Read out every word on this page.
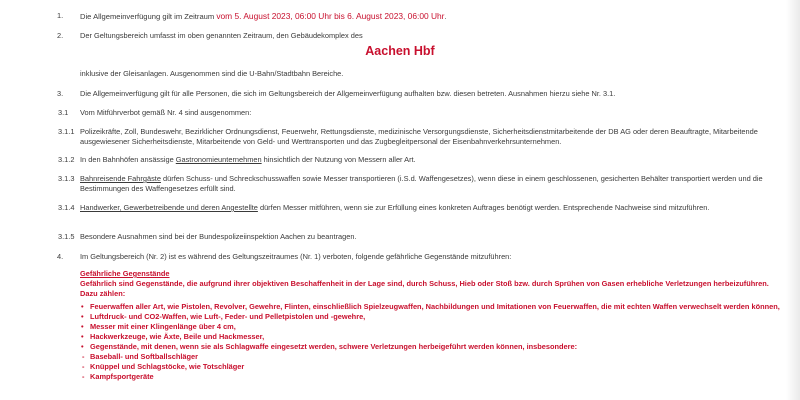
1. Die Allgemeinverfügung gilt im Zeitraum vom 5. August 2023, 06:00 Uhr bis 6. August 2023, 06:00 Uhr.
2. Der Geltungsbereich umfasst im oben genannten Zeitraum, den Gebäudekomplex des
Aachen Hbf
inklusive der Gleisanlagen. Ausgenommen sind die U-Bahn/Stadtbahn Bereiche.
3. Die Allgemeinverfügung gilt für alle Personen, die sich im Geltungsbereich der Allgemeinverfügung aufhalten bzw. diesen betreten. Ausnahmen hierzu siehe Nr. 3.1.
3.1 Vom Mitführverbot gemäß Nr. 4 sind ausgenommen:
3.1.1 Polizeikräfte, Zoll, Bundeswehr, Bezirklicher Ordnungsdienst, Feuerwehr, Rettungsdienste, medizinische Versorgungsdienste, Sicherheitsdienstmitarbeitende der DB AG oder deren Beauftragte, Mitarbeitende ausgewiesener Sicherheitsdienste, Mitarbeitende von Geld- und Werttransporten und das Zugbegleitpersonal der Eisenbahnverkehrsunternehmen.
3.1.2 In den Bahnhöfen ansässige Gastronomieunternehmen hinsichtlich der Nutzung von Messern aller Art.
3.1.3 Bahnreisende Fahrgäste dürfen Schuss- und Schreckschusswaffen sowie Messer transportieren (i.S.d. Waffengesetzes), wenn diese in einem geschlossenen, gesicherten Behälter transportiert werden und die Bestimmungen des Waffengesetzes erfüllt sind.
3.1.4 Handwerker, Gewerbetreibende und deren Angestellte dürfen Messer mitführen, wenn sie zur Erfüllung eines konkreten Auftrages benötigt werden. Entsprechende Nachweise sind mitzuführen.
3.1.5 Besondere Ausnahmen sind bei der Bundespolizeiinspektion Aachen zu beantragen.
4. Im Geltungsbereich (Nr. 2) ist es während des Geltungszeitraumes (Nr. 1) verboten, folgende gefährliche Gegenstände mitzuführen:
Gefährliche Gegenstände
Gefährlich sind Gegenstände, die aufgrund ihrer objektiven Beschaffenheit in der Lage sind, durch Schuss, Hieb oder Stoß bzw. durch Sprühen von Gasen erhebliche Verletzungen herbeizuführen. Dazu zählen:
• Feuerwaffen aller Art, wie Pistolen, Revolver, Gewehre, Flinten, einschließlich Spielzeugwaffen, Nachbildungen und Imitationen von Feuerwaffen, die mit echten Waffen verwechselt werden können,
• Luftdruck- und CO2-Waffen, wie Luft-, Feder- und Pelletpistolen und -gewehre,
• Messer mit einer Klingenlänge über 4 cm,
• Hackwerkzeuge, wie Äxte, Beile und Hackmesser,
• Gegenstände, mit denen, wenn sie als Schlagwaffe eingesetzt werden, schwere Verletzungen herbeigeführt werden können, insbesondere:
- Baseball- und Softballschläger
- Knüppel und Schlagstöcke, wie Totschläger
- Kampfsportgeräte
